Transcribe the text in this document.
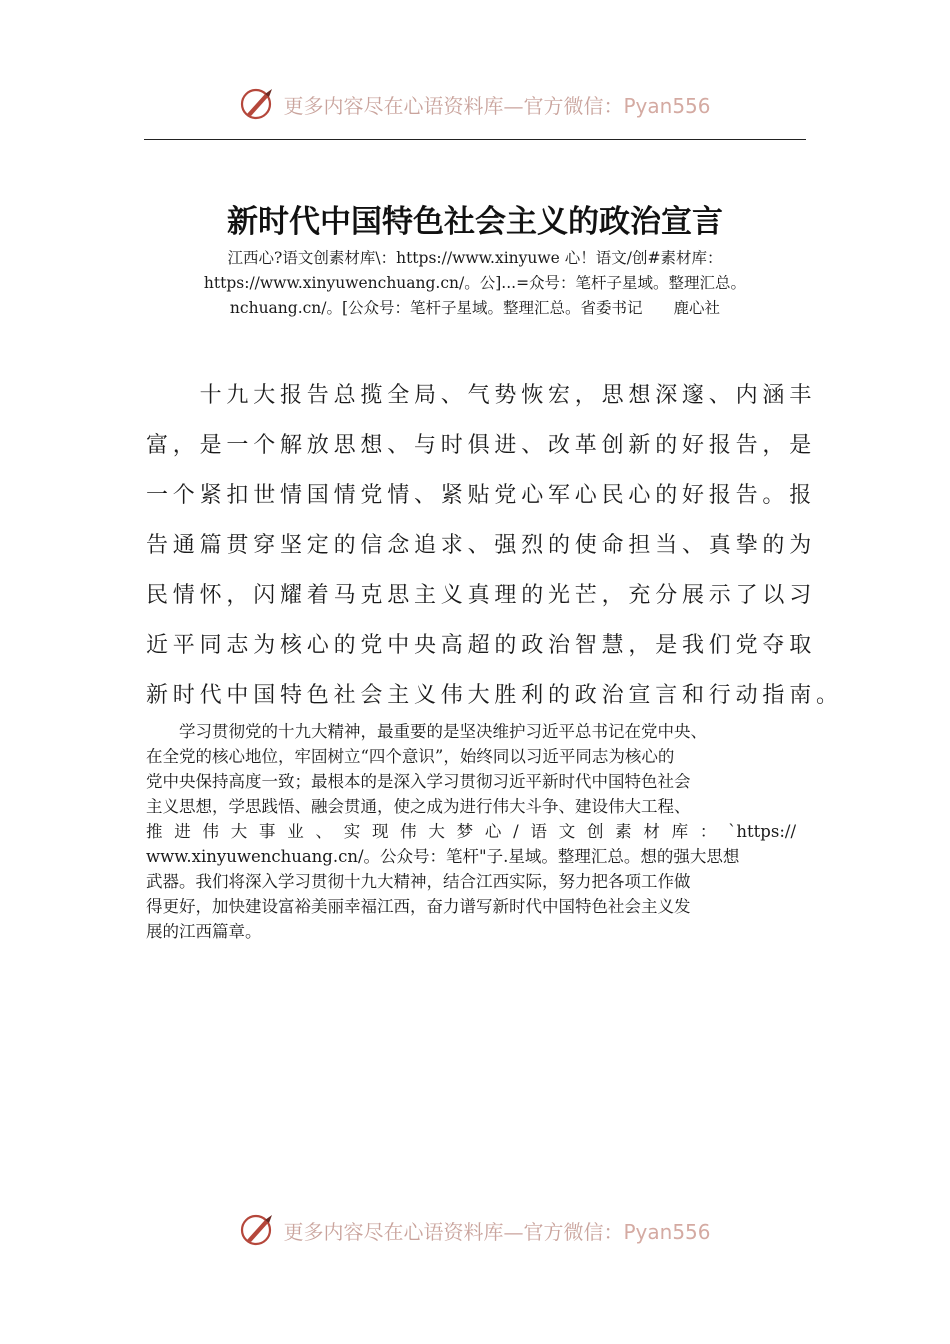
更多内容尽在心语资料库—官方微信：Pyan556
新时代中国特色社会主义的政治宣言
江西心?语文创素材库\：https://www.xinyuwe 心！语文/创#素材库：
https://www.xinyuwenchuang.cn/。公]...=众号：笔杆子星域。整理汇总。
nchuang.cn/。[公众号：笔杆子星域。整理汇总。省委书记　　鹿心社
　　十九大报告总揽全局、气势恢宏，思想深邃、内涵丰
富，是一个解放思想、与时俱进、改革创新的好报告，是
一个紧扣世情国情党情、紧贴党心军心民心的好报告。报
告通篇贯穿坚定的信念追求、强烈的使命担当、真挚的为
民情怀，闪耀着马克思主义真理的光芒，充分展示了以习
近平同志为核心的党中央高超的政治智慧，是我们党夺取
新时代中国特色社会主义伟大胜利的政治宣言和行动指南。
　　学习贯彻党的十九大精神，最重要的是坚决维护习近平总书记在党中央、
在全党的核心地位，牢固树立“四个意识”，始终同以习近平同志为核心的
党中央保持高度一致；最根本的是深入学习贯彻习近平新时代中国特色社会
主义思想，学思践悟、融会贯通，使之成为进行伟大斗争、建设伟大工程、
推进伟大事业、实现伟大梦心/语文创素材库：`https://
www.xinyuwenchuang.cn/。公众号：笔杆"子.星域。整理汇总。想的强大思想
武器。我们将深入学习贯彻十九大精神，结合江西实际，努力把各项工作做
得更好，加快建设富裕美丽幸福江西，奋力谱写新时代中国特色社会主义发
展的江西篇章。
更多内容尽在心语资料库—官方微信：Pyan556
